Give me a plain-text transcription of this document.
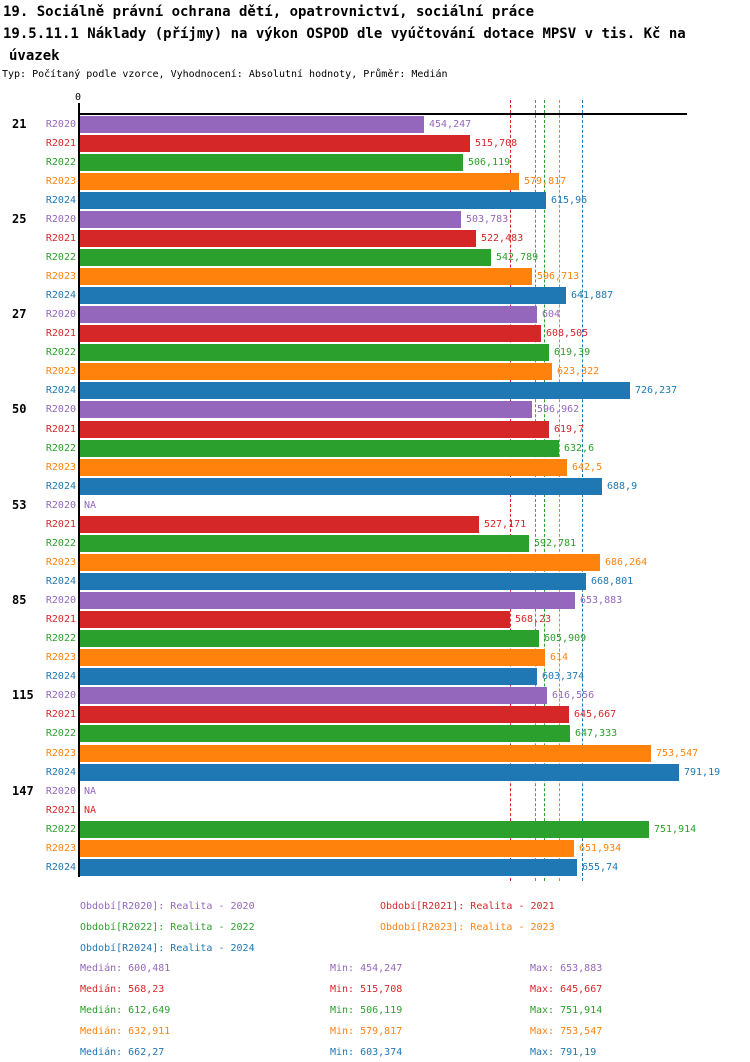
19. Sociálně právní ochrana dětí, opatrovnictví, sociální práce
19.5.11.1 Náklady (příjmy) na výkon OSPOD dle vyúčtování dotace MPSV v tis. Kč na
úvazek
Typ: Počítaný podle vzorce, Vyhodnocení: Absolutní hodnoty, Průměr: Medián
0
21	R2020	454,247
R2021	515,708
R2022	506,119
R2023	579,817
R2024	615,96
25	R2020	503,783
R2021	522,483
R2022	542,789
R2023	596,713
R2024	641,887
27	R2020	604
R2021	608,505
R2022	619,39
R2023	623,322
R2024	726,237
50	R2020	596,962
R2021	619,7
R2022	632,6
R2023	642,5
R2024	688,9
53	R2020 NA
R2021	527,171
R2022	592,781
R2023	686,264
R2024	668,801
85	R2020	653,883
R2021	568,23
R2022	605,909
R2023	614
R2024	603,374
115	R2020	616,556
R2021	645,667
R2022	647,333
R2023	753,547
R2024	791,19
147	R2020 NA
R2021 NA
R2022	751,914
R2023	651,934
R2024	655,74
Období[R2020]: Realita - 2020	Období[R2021]: Realita - 2021
Období[R2022]: Realita - 2022	Období[R2023]: Realita - 2023
Období[R2024]: Realita - 2024
Medián: 600,481	Min: 454,247	Max: 653,883
Medián: 568,23	Min: 515,708	Max: 645,667
Medián: 612,649	Min: 506,119	Max: 751,914
Medián: 632,911	Min: 579,817	Max: 753,547
Medián: 662,27	Min: 603,374	Max: 791,19
